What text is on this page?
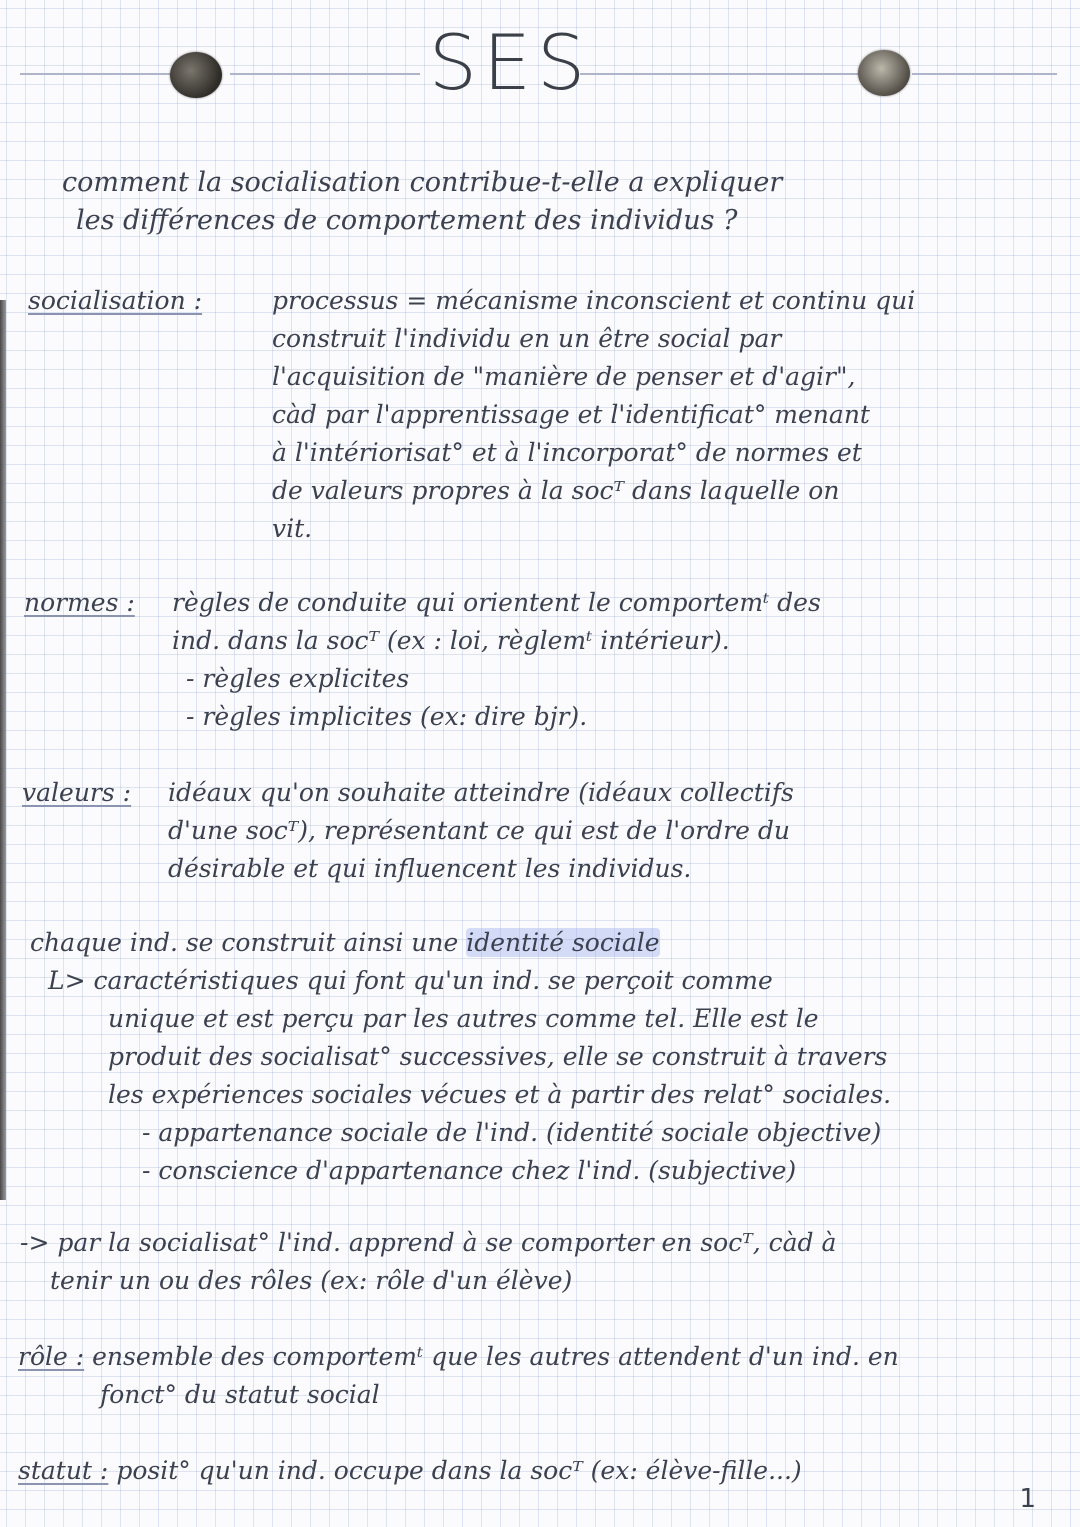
SES
comment la socialisation contribue-t-elle a expliquer
les différences de comportement des individus ?
socialisation :	processus = mécanisme inconscient et continu qui
construit l'individu en un être social par
l'acquisition de "manière de penser et d'agir",
càd par l'apprentissage et l'identificat° menant
à l'intériorisat° et à l'incorporat° de normes et
de valeurs propres à la socᵀ dans laquelle on
vit.
normes : règles de conduite qui orientent le comportemᵗ des
ind. dans la socᵀ (ex : loi, règlemᵗ intérieur).
- règles explicites
- règles implicites (ex: dire bjr).
valeurs : idéaux qu'on souhaite atteindre (idéaux collectifs
d'une socᵀ), représentant ce qui est de l'ordre du
désirable et qui influencent les individus.
chaque ind. se construit ainsi une identité sociale
L> caractéristiques qui font qu'un ind. se perçoit comme
unique et est perçu par les autres comme tel. Elle est le
produit des socialisat° successives, elle se construit à travers
les expériences sociales vécues et à partir des relat° sociales.
- appartenance sociale de l'ind. (identité sociale objective)
- conscience d'appartenance chez l'ind. (subjective)
-> par la socialisat° l'ind. apprend à se comporter en socᵀ, càd à
tenir un ou des rôles (ex: rôle d'un élève)
rôle : ensemble des comportemᵗ que les autres attendent d'un ind. en
fonct° du statut social
statut : posit° qu'un ind. occupe dans la socᵀ (ex: élève-fille...)
1
